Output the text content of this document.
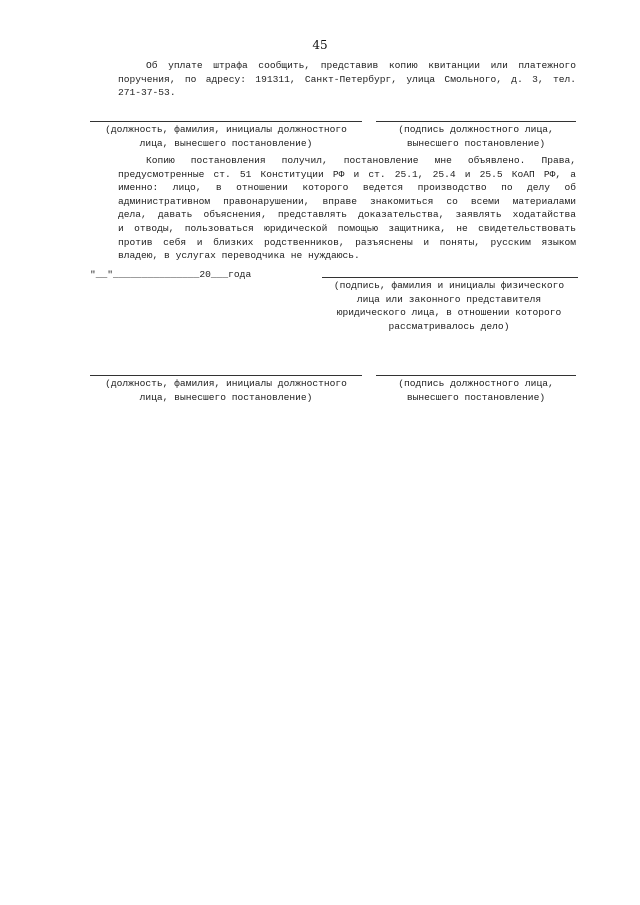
45
Об уплате штрафа сообщить, представив копию квитанции или платежного
поручения, по адресу: 191311, Санкт-Петербург, улица Смольного, д. 3, тел.
271-37-53.
(должность, фамилия, инициалы должностного
лица, вынесшего постановление)
(подпись должностного лица,
вынесшего постановление)
Копию постановления получил, постановление мне объявлено. Права,
предусмотренные ст. 51 Конституции РФ и ст. 25.1, 25.4 и 25.5 КоАП РФ, а
именно: лицо, в отношении которого ведется производство по делу об
административном правонарушении, вправе знакомиться со всеми материалами
дела, давать объяснения, представлять доказательства, заявлять ходатайства
и отводы, пользоваться юридической помощью защитника, не свидетельствовать
против себя и близких родственников, разъяснены и поняты, русским языком
владею, в услугах переводчика не нуждаюсь.
"__"_______________20___года
(подпись, фамилия и инициалы физического
лица или законного представителя
юридического лица, в отношении которого
рассматривалось дело)
(должность, фамилия, инициалы должностного
лица, вынесшего постановление)
(подпись должностного лица,
вынесшего постановление)
